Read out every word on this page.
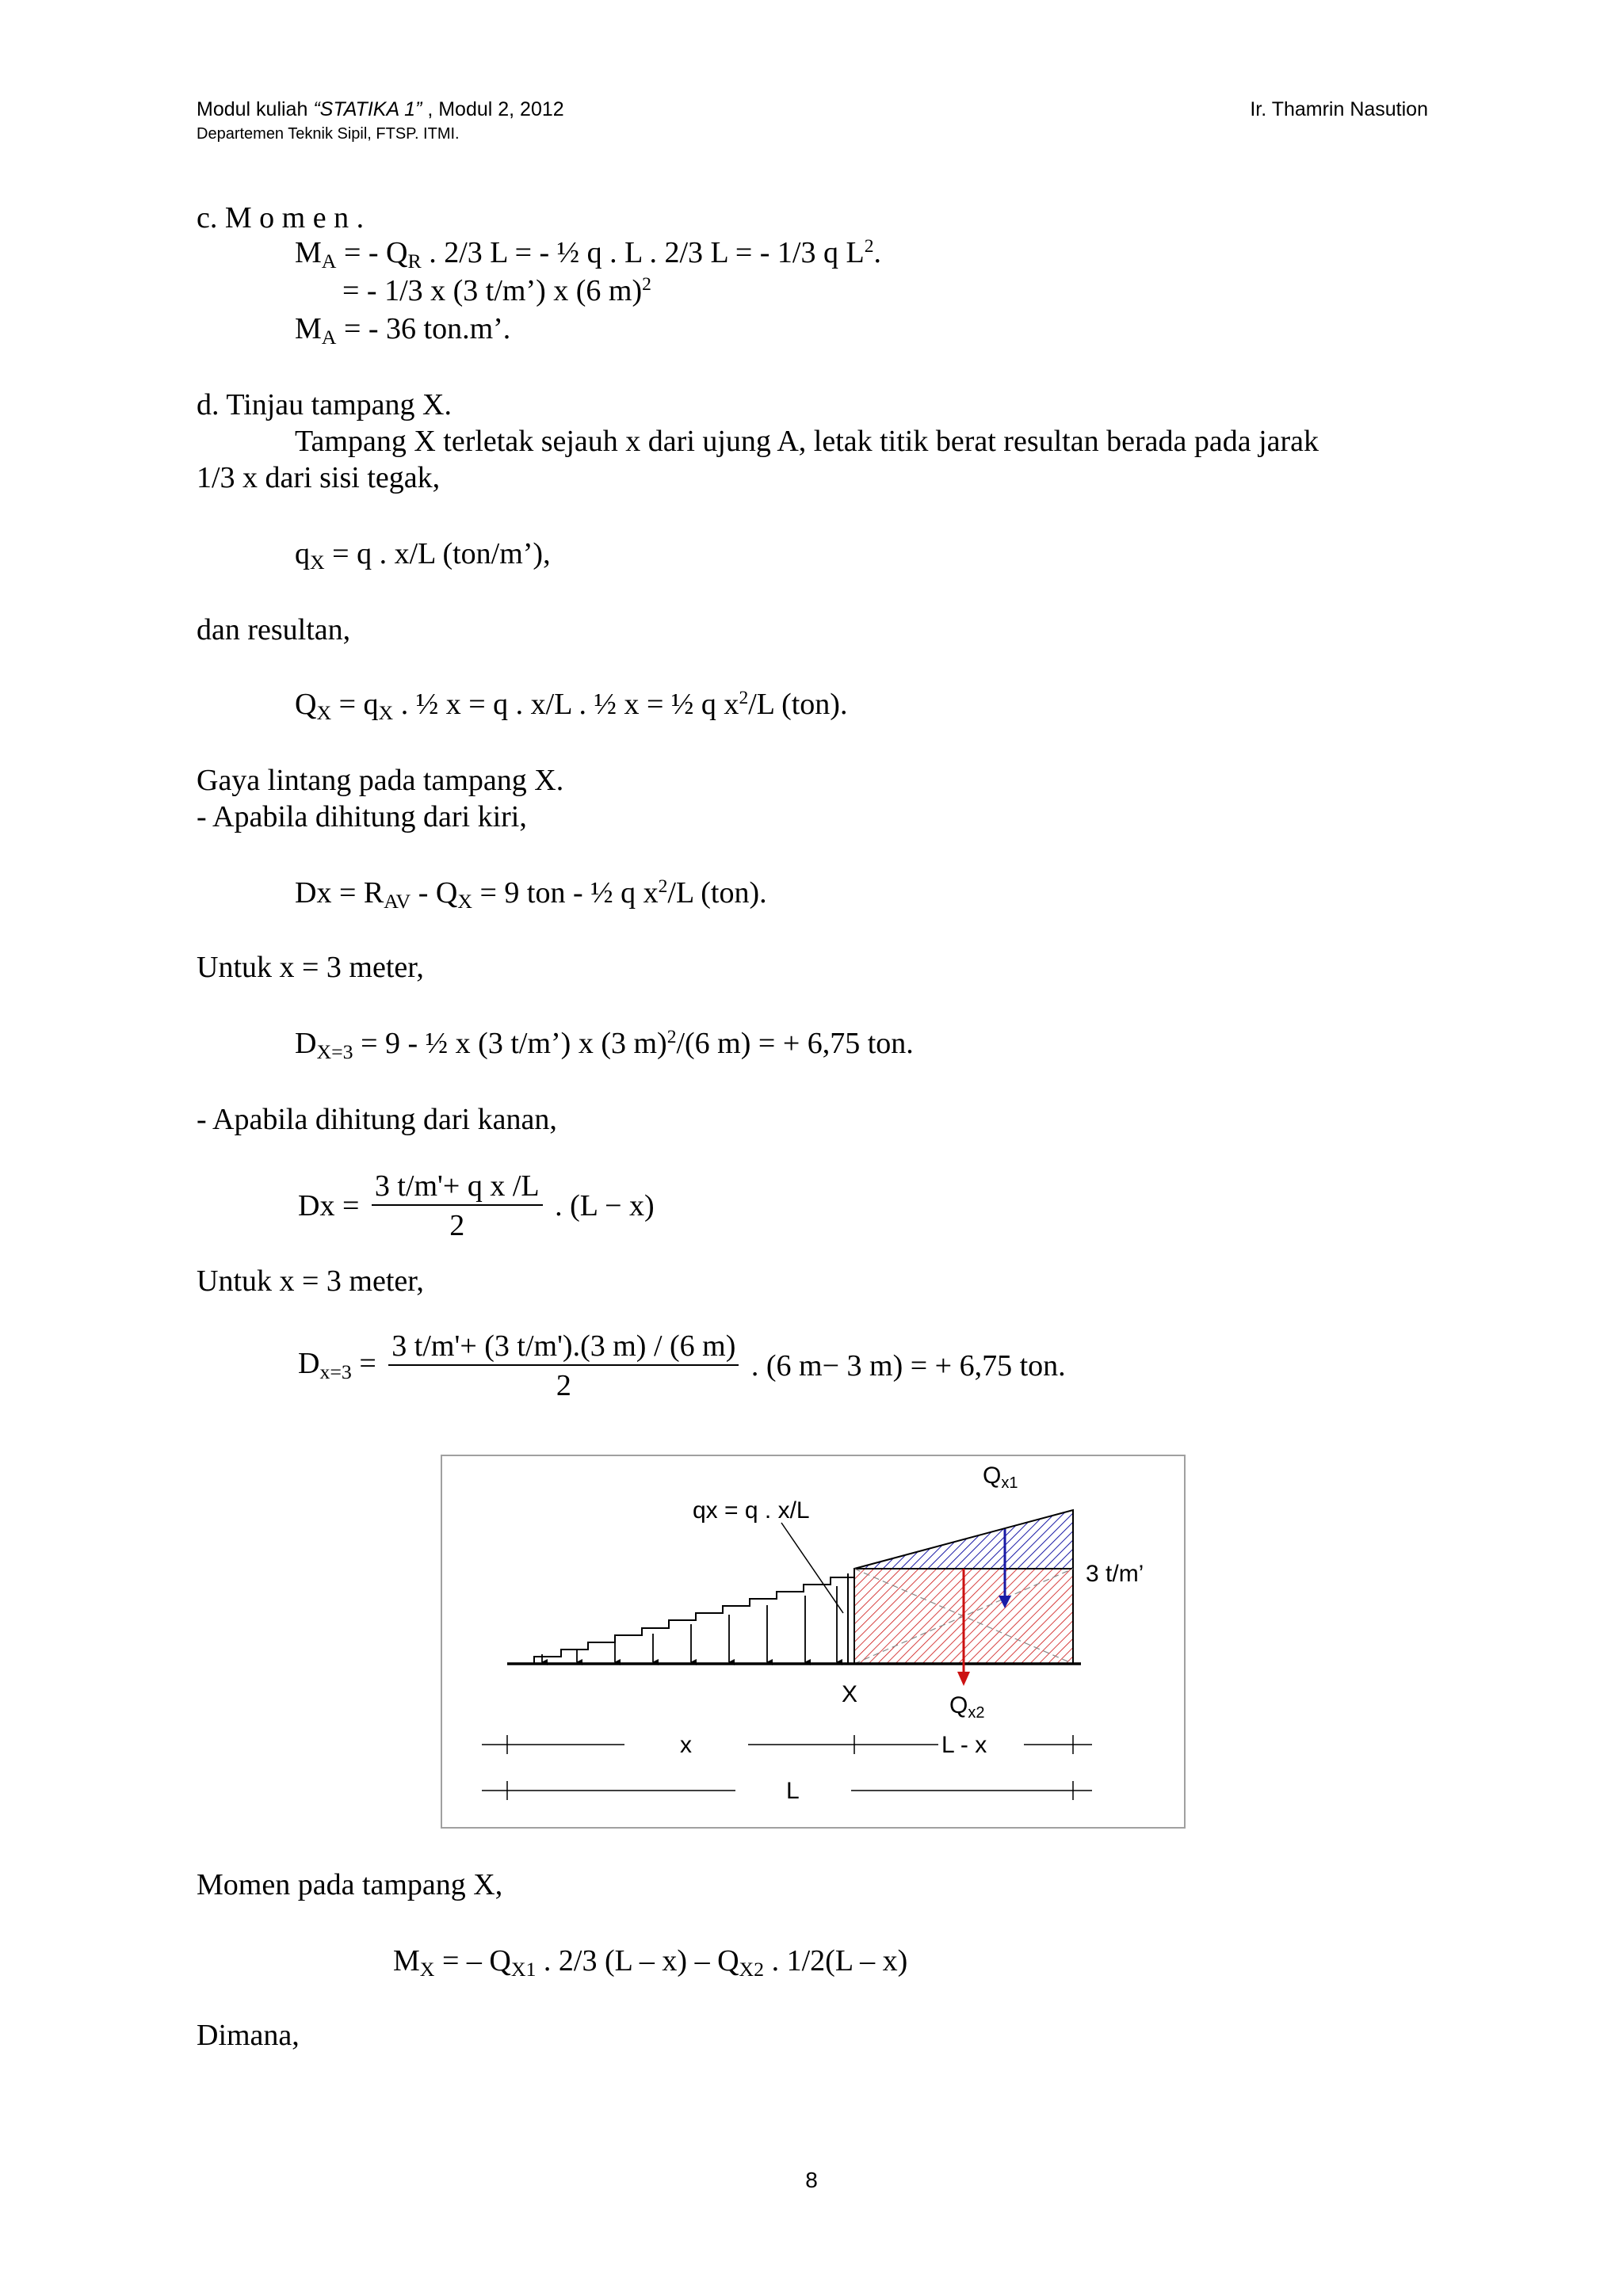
Modul kuliah “STATIKA 1” , Modul 2, 2012
Departemen Teknik Sipil, FTSP. ITMI.
Ir. Thamrin Nasution
c. M o m e n .
$M_A$ = - $Q_R$ . 2/3 L = - ½ q . L . 2/3 L = - 1/3 q $L^2$.
= - 1/3 x (3 t/m’) x (6 m)$^2$
$M_A$ = - 36 ton.m’.
d. Tinjau tampang X.
Tampang X terletak sejauh x dari ujung A, letak titik berat resultan berada pada jarak
1/3 x dari sisi tegak,
$q_X = q$ . x/L (ton/m’),
dan resultan,
$Q_X = q_X$ . ½ x = q . x/L . ½ x = ½ q $x^2/L$ (ton).
Gaya lintang pada tampang X.
- Apabila dihitung dari kiri,
$Dx = R_{AV} - Q_X = 9$ ton - ½ q $x^2/L$ (ton).
Untuk x = 3 meter,
$D_{X=3} = 9$ - ½ x (3 t/m’) x (3 m)$^2$/(6 m) = + 6,75 ton.
- Apabila dihitung dari kanan,
$Dx = \frac{\text{3 t/m'+ q x /L}}{2}$ . (L − x)
Untuk x = 3 meter,
$D_{x=3} = \frac{3 t/m'+ (3 t/m').(3 m) / (6 m)}{2}$ . (6 m− 3 m) = + 6,75 ton.
qx = q . x/L
$Q_{x1}$
$Q_{x2}$
3 t/m’
X
x	L - x
L
Momen pada tampang X,
$M_X$ = – $Q_{X1}$ . 2/3 $(L - x) - Q_{X2}$ . 1/2(L – x)
Dimana,
8
